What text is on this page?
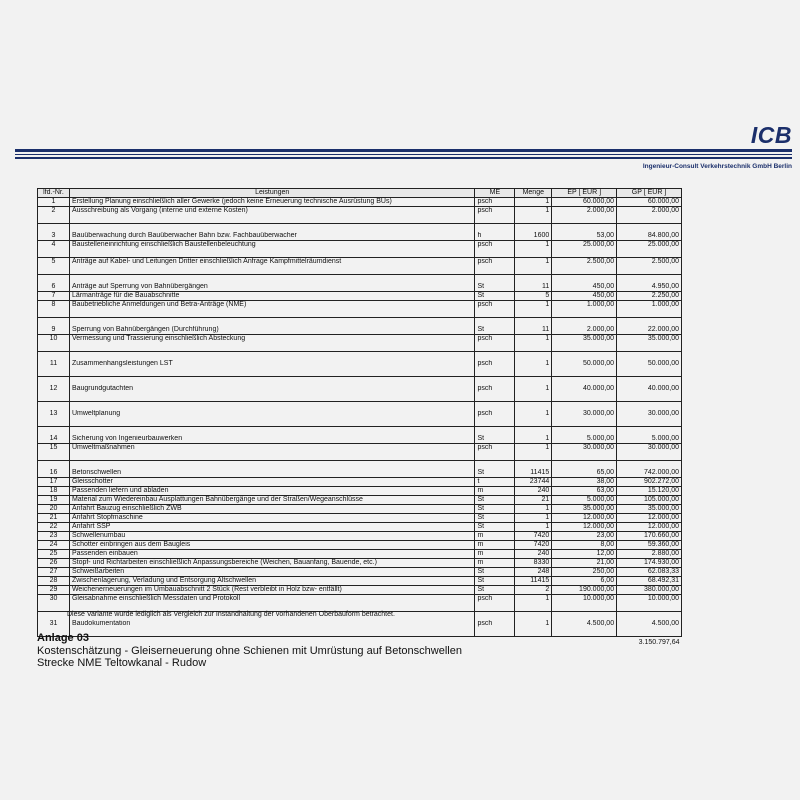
ICB
Ingenieur-Consult Verkehrstechnik GmbH Berlin
lfd.-Nr.	Leistungen	ME	Menge	EP [ EUR ]	GP [ EUR ]
1	Erstellung Planung einschließlich aller Gewerke (jedoch keine Erneuerung technische Ausrüstung BÜs)	psch	1	60.000,00	60.000,00
2	Ausschreibung als Vorgang (interne und externe Kosten)	psch	1	2.000,00	2.000,00

3	Bauüberwachung durch Bauüberwacher Bahn bzw. Fachbauüberwacher	h	1600	53,00	84.800,00
4	Baustelleneinrichtung einschließlich Baustellenbeleuchtung	psch	1	25.000,00	25.000,00
5	Anträge auf Kabel- und Leitungen Dritter einschließlich Anfrage Kampfmittelräumdienst	psch	1	2.500,00	2.500,00

6	Anträge auf Sperrung von Bahnübergängen	St	11	450,00	4.950,00
7	Lärmanträge für die Bauabschnitte	St	5	450,00	2.250,00
8	Baubetriebliche Anmeldungen und Betra-Anträge (NME)	psch	1	1.000,00	1.000,00

9	Sperrung von Bahnübergängen (Durchführung)	St	11	2.000,00	22.000,00
10	Vermessung und Trassierung einschließlich Absteckung	psch	1	35.000,00	35.000,00

11	Zusammenhangsleistungen LST	psch	1	50.000,00	50.000,00

12	Baugrundgutachten	psch	1	40.000,00	40.000,00

13	Umweltplanung	psch	1	30.000,00	30.000,00

14	Sicherung von Ingenieurbauwerken	St	1	5.000,00	5.000,00
15	Umweltmaßnahmen	psch	1	30.000,00	30.000,00

16	Betonschwellen	St	11415	65,00	742.000,00
17	Gleisschotter	t	23744	38,00	902.272,00
18	Passenden liefern und abladen	m	240	63,00	15.120,00
19	Material zum Wiedereinbau Ausplattungen Bahnübergänge und der Straßen/Wegeanschlüsse	St	21	5.000,00	105.000,00
20	Anfahrt Bauzug einschließlich ZWB	St	1	35.000,00	35.000,00
21	Anfahrt Stopfmaschine	St	1	12.000,00	12.000,00
22	Anfahrt SSP	St	1	12.000,00	12.000,00
23	Schwellenumbau	m	7420	23,00	170.660,00
24	Schotter einbringen aus dem Baugleis	m	7420	8,00	59.360,00
25	Passenden einbauen	m	240	12,00	2.880,00
26	Stopf- und Richtarbeiten einschließlich Anpassungsbereiche (Weichen, Bauanfang, Bauende, etc.)	m	8330	21,00	174.930,00
27	Schweißarbeiten	St	248	250,00	62.083,33
28	Zwischenlagerung, Verladung und Entsorgung Altschwellen	St	11415	6,00	68.492,31
29	Weichenerneuerungen im Umbauabschnitt 2 Stück (Rest verbleibt in Holz bzw- entfällt)	St	2	190.000,00	380.000,00
30	Gleisabnahme einschließlich Messdaten und Protokoll	psch	1	10.000,00	10.000,00

31	Baudokumentation	psch	1	4.500,00	4.500,00
					3.150.797,64
Diese Variante wurde lediglich als Vergleich zur Instandhaltung der vorhandenen Oberbauform betrachtet.
Anlage 03
Kostenschätzung - Gleiserneuerung ohne Schienen mit Umrüstung auf Betonschwellen
Strecke NME Teltowkanal - Rudow
